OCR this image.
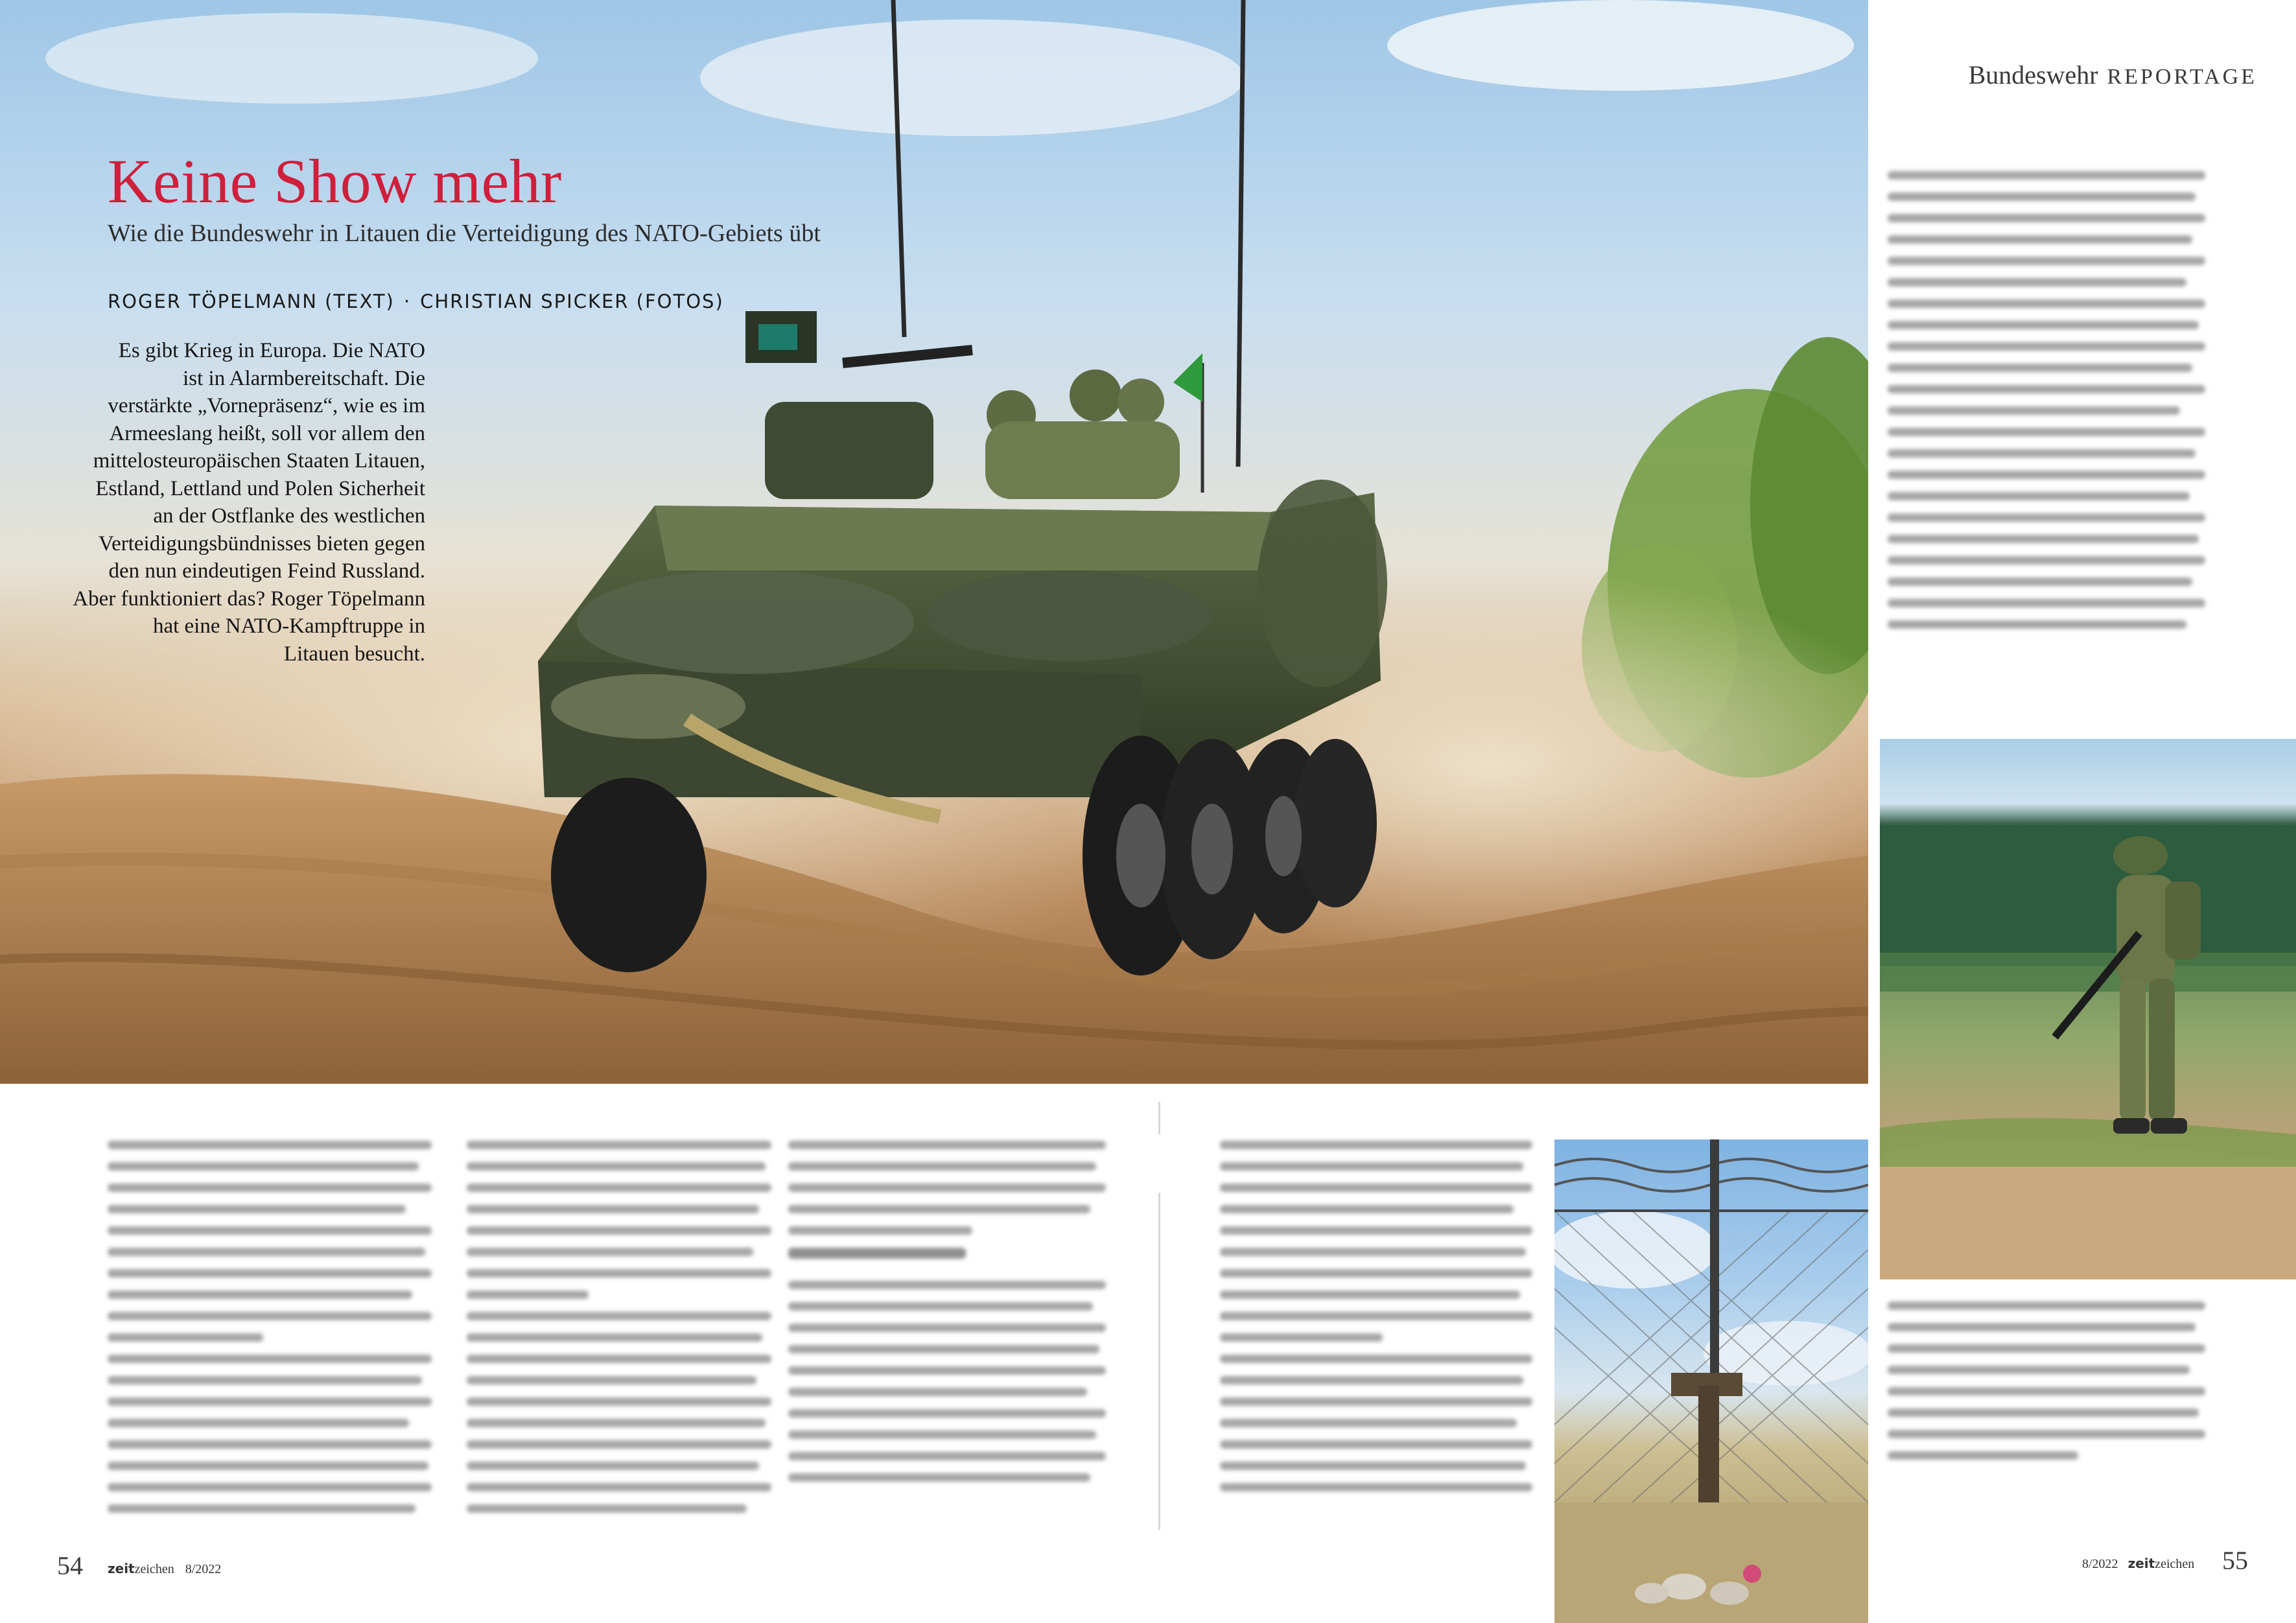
Keine Show mehr
Wie die Bundeswehr in Litauen die Verteidigung des NATO-Gebiets übt
ROGER TÖPELMANN (TEXT) · CHRISTIAN SPICKER (FOTOS)
Es gibt Krieg in Europa. Die NATO
ist in Alarmbereitschaft. Die
verstärkte „Vornepräsenz“, wie es im
Armeeslang heißt, soll vor allem den
mittelosteuropäischen Staaten Litauen,
Estland, Lettland und Polen Sicherheit
an der Ostflanke des westlichen
Verteidigungsbündnisses bieten gegen
den nun eindeutigen Feind Russland.
Aber funktioniert das? Roger Töpelmann
hat eine NATO-Kampftruppe in
Litauen besucht.
54 zeitzeichen 8/2022
Bundeswehr REPORTAGE
8/2022 zeitzeichen 55
